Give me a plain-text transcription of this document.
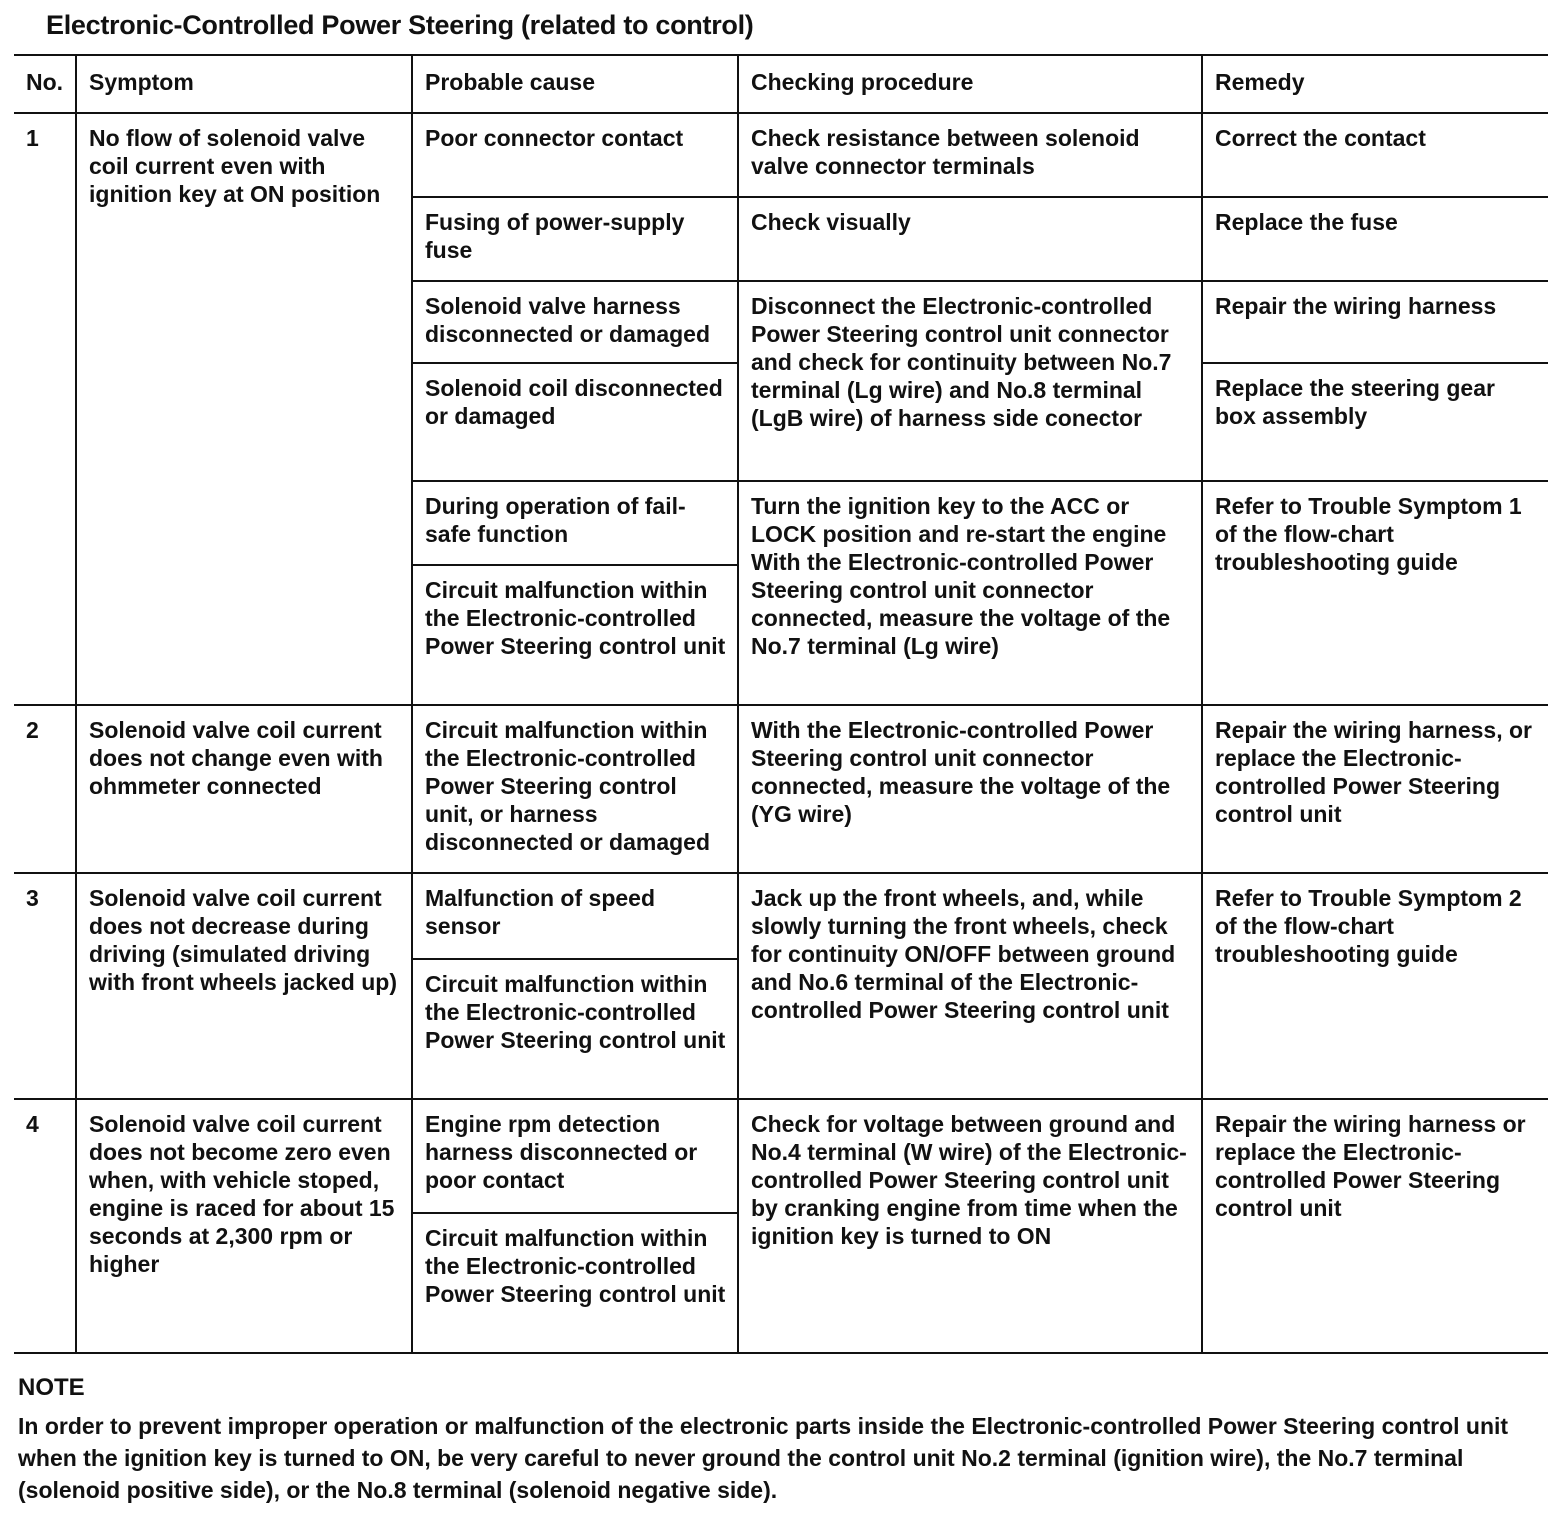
Electronic-Controlled Power Steering (related to control)
No.	Symptom	Probable cause	Checking procedure	Remedy
1	No flow of solenoid valve coil current even with ignition key at ON position	Poor connector contact	Check resistance between solenoid valve connector terminals	Correct the contact
		Fusing of power-supply fuse	Check visually	Replace the fuse
		Solenoid valve harness disconnected or damaged	Disconnect the Electronic-controlled Power Steering control unit connector and check for continuity between No.7 terminal (Lg wire) and No.8 terminal (LgB wire) of harness side conector	Repair the wiring harness
		Solenoid coil disconnected or damaged		Replace the steering gear box assembly
		During operation of fail-safe function	Turn the ignition key to the ACC or LOCK position and re-start the engine With the Electronic-controlled Power Steering control unit connector connected, measure the voltage of the No.7 terminal (Lg wire)	Refer to Trouble Symptom 1 of the flow-chart troubleshooting guide
		Circuit malfunction within the Electronic-controlled Power Steering control unit		
2	Solenoid valve coil current does not change even with ohmmeter connected	Circuit malfunction within the Electronic-controlled Power Steering control unit, or harness disconnected or damaged	With the Electronic-controlled Power Steering control unit connector connected, measure the voltage of the (YG wire)	Repair the wiring harness, or replace the Electronic-controlled Power Steering control unit
3	Solenoid valve coil current does not decrease during driving (simulated driving with front wheels jacked up)	Malfunction of speed sensor	Jack up the front wheels, and, while slowly turning the front wheels, check for continuity ON/OFF between ground and No.6 terminal of the Electronic-controlled Power Steering control unit	Refer to Trouble Symptom 2 of the flow-chart troubleshooting guide
		Circuit malfunction within the Electronic-controlled Power Steering control unit		
4	Solenoid valve coil current does not become zero even when, with vehicle stoped, engine is raced for about 15 seconds at 2,300 rpm or higher	Engine rpm detection harness disconnected or poor contact	Check for voltage between ground and No.4 terminal (W wire) of the Electronic-controlled Power Steering control unit by cranking engine from time when the ignition key is turned to ON	Repair the wiring harness or replace the Electronic-controlled Power Steering control unit
		Circuit malfunction within the Electronic-controlled Power Steering control unit		
NOTE
In order to prevent improper operation or malfunction of the electronic parts inside the Electronic-controlled Power Steering control unit when the ignition key is turned to ON, be very careful to never ground the control unit No.2 terminal (ignition wire), the No.7 terminal (solenoid positive side), or the No.8 terminal (solenoid negative side).
